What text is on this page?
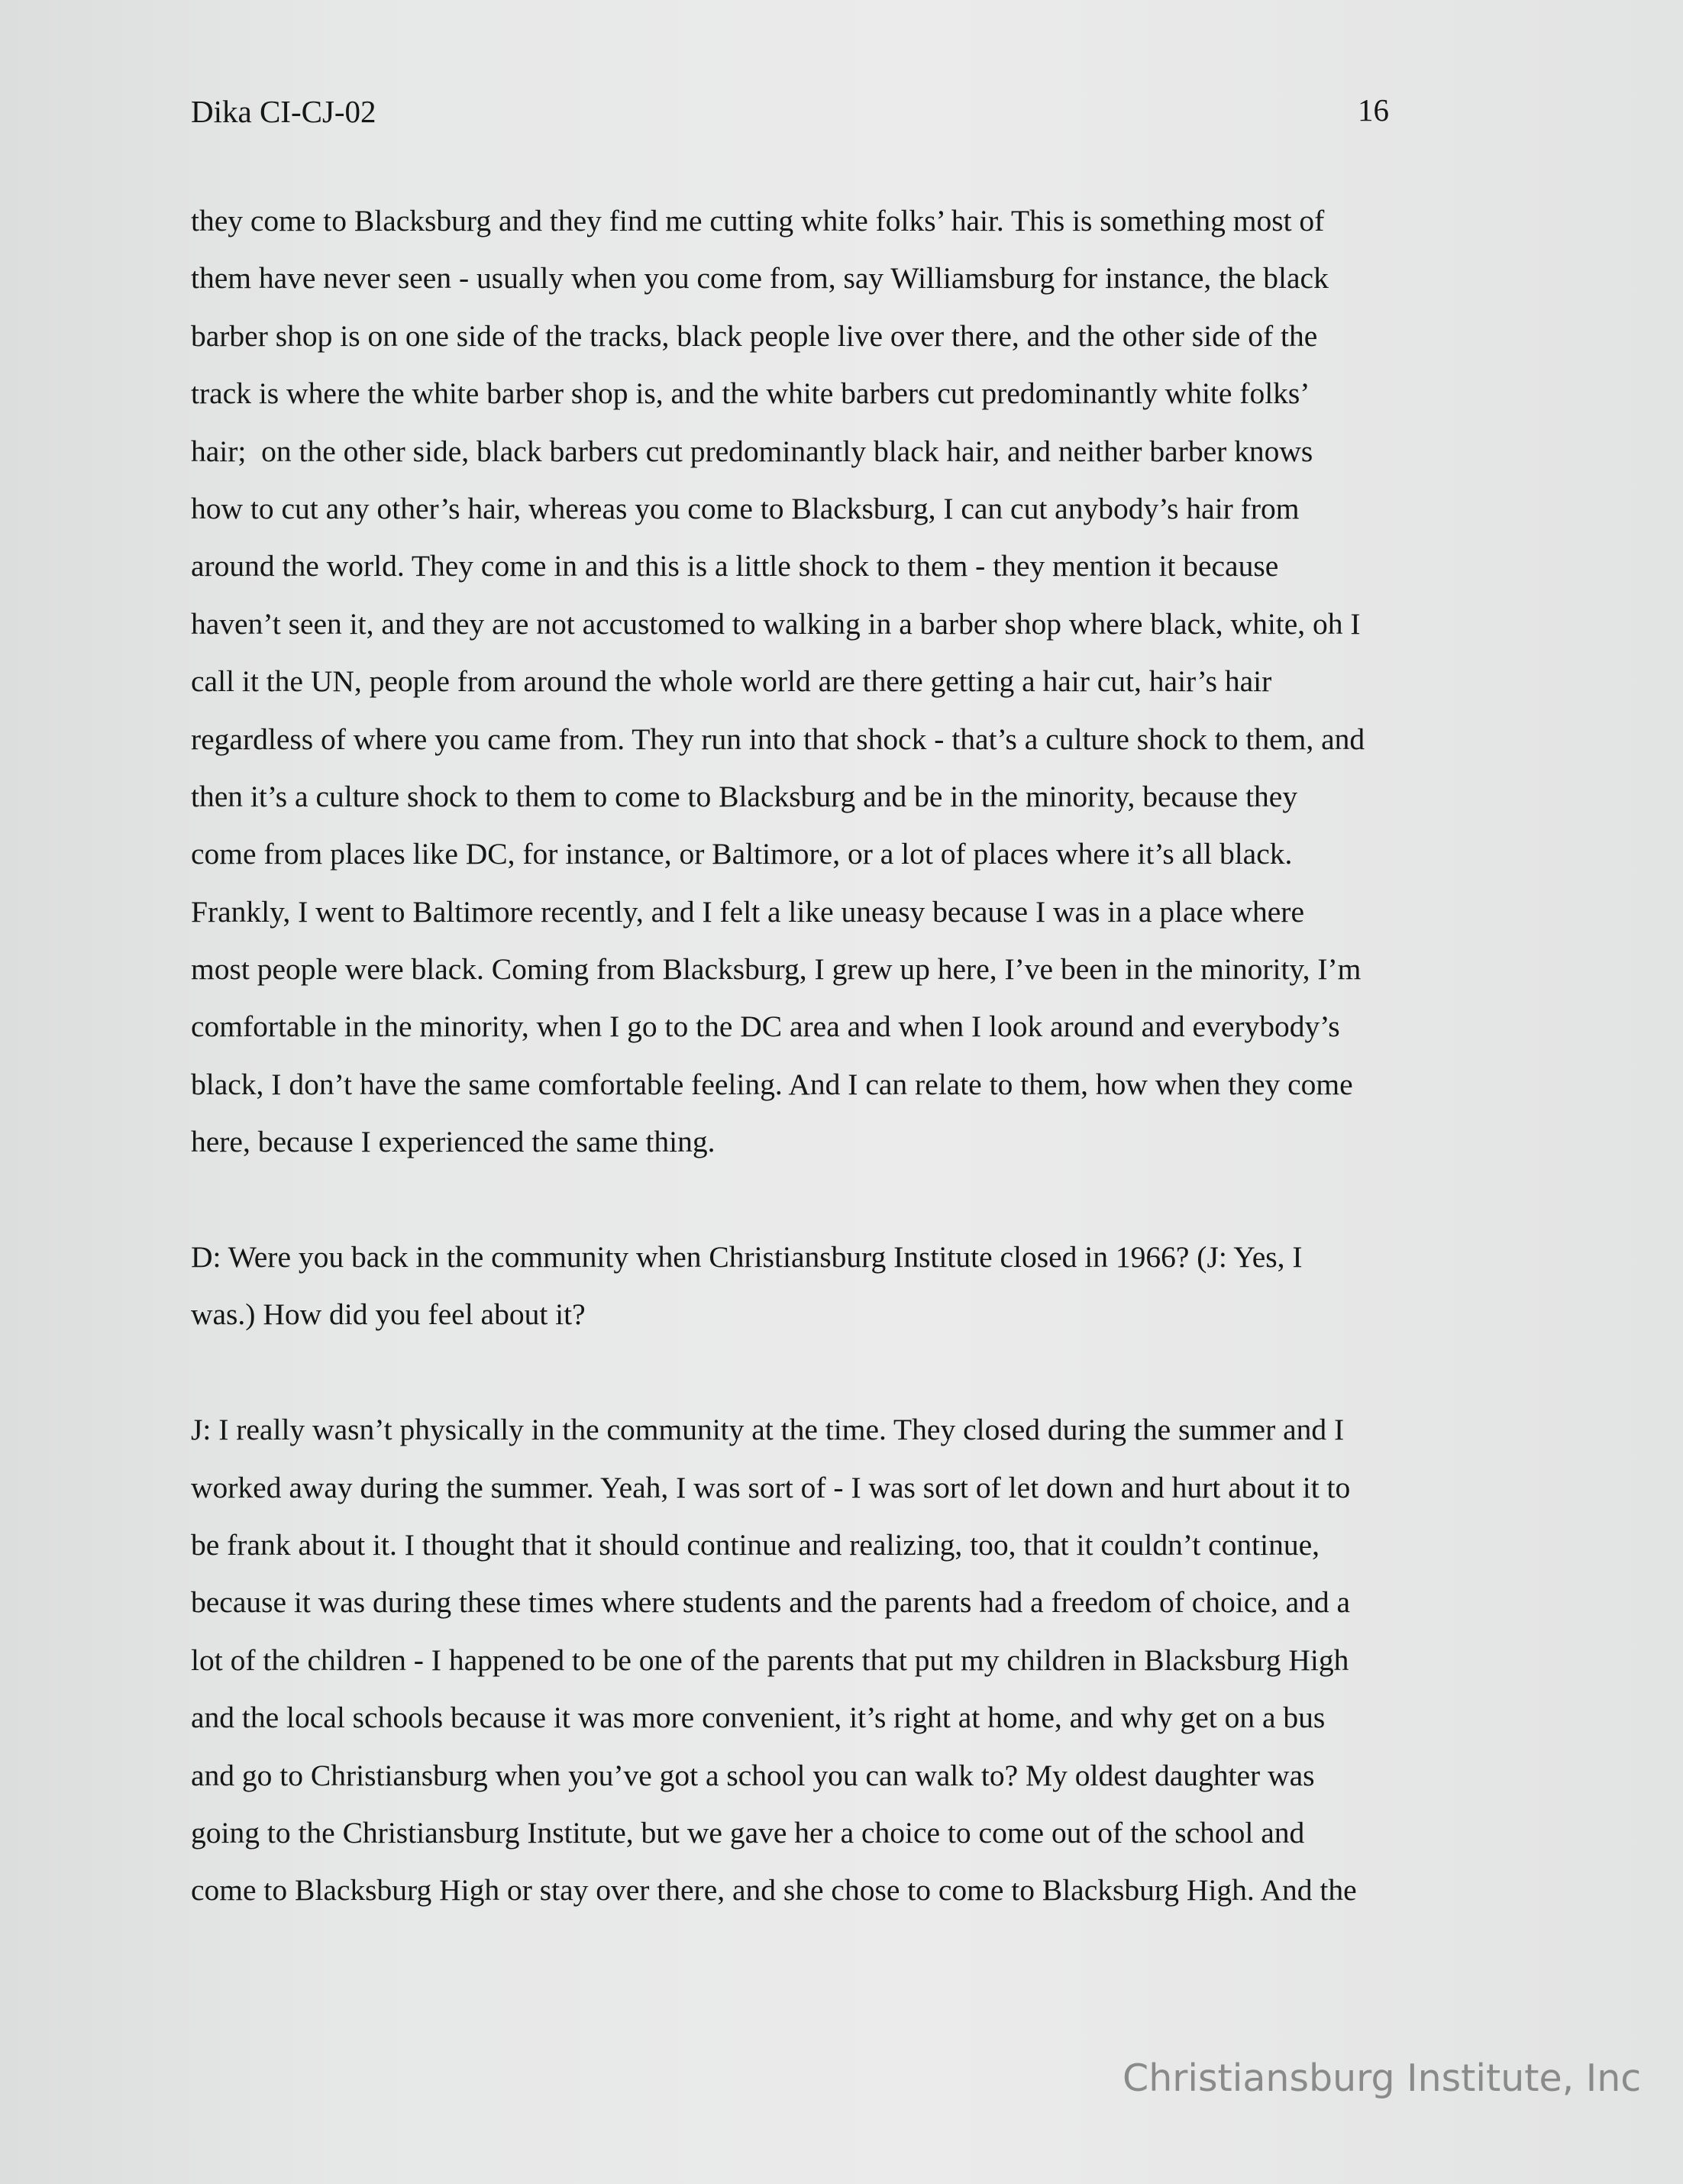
Dika CI-CJ-02	16

they come to Blacksburg and they find me cutting white folks’ hair. This is something most of
them have never seen - usually when you come from, say Williamsburg for instance, the black
barber shop is on one side of the tracks, black people live over there, and the other side of the
track is where the white barber shop is, and the white barbers cut predominantly white folks’
hair;  on the other side, black barbers cut predominantly black hair, and neither barber knows
how to cut any other’s hair, whereas you come to Blacksburg, I can cut anybody’s hair from
around the world. They come in and this is a little shock to them - they mention it because
haven’t seen it, and they are not accustomed to walking in a barber shop where black, white, oh I
call it the UN, people from around the whole world are there getting a hair cut, hair’s hair
regardless of where you came from. They run into that shock - that’s a culture shock to them, and
then it’s a culture shock to them to come to Blacksburg and be in the minority, because they
come from places like DC, for instance, or Baltimore, or a lot of places where it’s all black.
Frankly, I went to Baltimore recently, and I felt a like uneasy because I was in a place where
most people were black. Coming from Blacksburg, I grew up here, I’ve been in the minority, I’m
comfortable in the minority, when I go to the DC area and when I look around and everybody’s
black, I don’t have the same comfortable feeling. And I can relate to them, how when they come
here, because I experienced the same thing.
D: Were you back in the community when Christiansburg Institute closed in 1966? (J: Yes, I
was.) How did you feel about it?
J: I really wasn’t physically in the community at the time. They closed during the summer and I
worked away during the summer. Yeah, I was sort of - I was sort of let down and hurt about it to
be frank about it. I thought that it should continue and realizing, too, that it couldn’t continue,
because it was during these times where students and the parents had a freedom of choice, and a
lot of the children - I happened to be one of the parents that put my children in Blacksburg High
and the local schools because it was more convenient, it’s right at home, and why get on a bus
and go to Christiansburg when you’ve got a school you can walk to? My oldest daughter was
going to the Christiansburg Institute, but we gave her a choice to come out of the school and
come to Blacksburg High or stay over there, and she chose to come to Blacksburg High. And the

Christiansburg Institute, Inc
